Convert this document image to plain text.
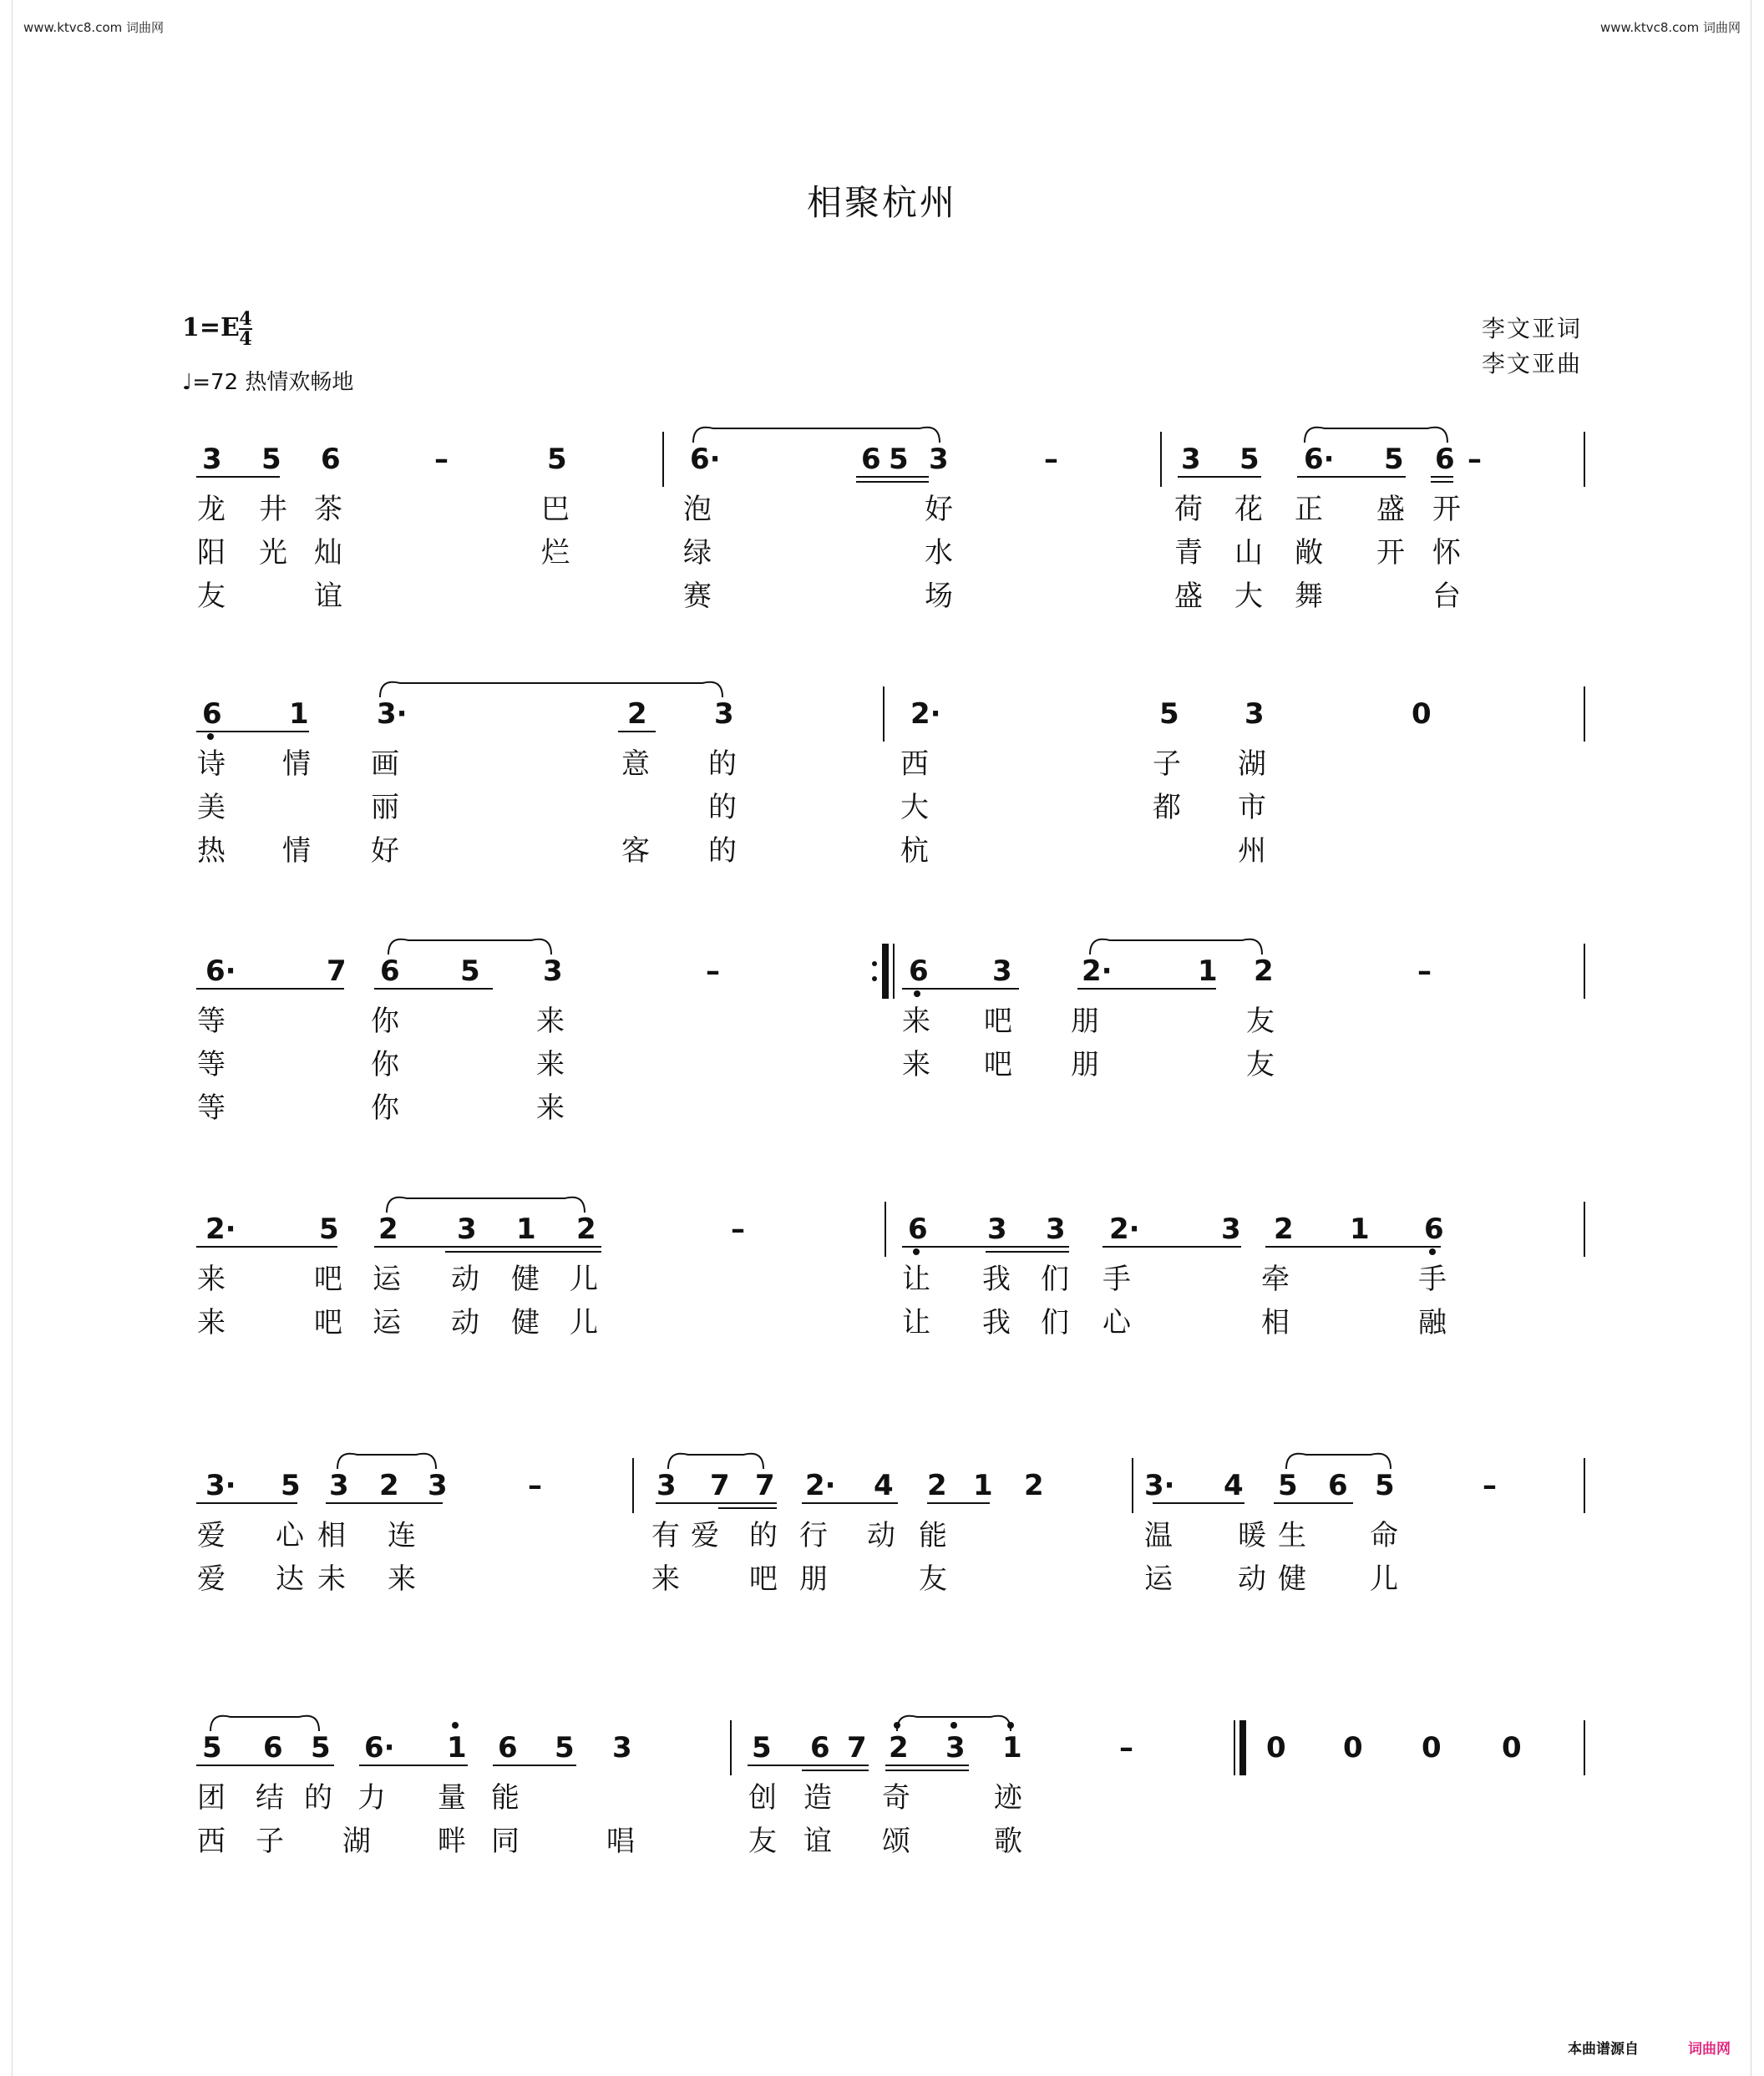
www.ktvc8.com 词曲网	www.ktvc8.com 词曲网
相聚杭州
1=E 4
4
♩=72 热情欢畅地
李文亚词
李文亚曲
本曲谱源自	词曲网
3 5 6	–	5	6·	6 5 3	–	3 5 6· 5 6 –
龙 井 茶	巴	泡	好	荷 花 正 盛 开
阳 光 灿	烂	绿	水	青 山 敞 开 怀
友	谊	赛	场	盛 大 舞	台
6 1 3·	2 3	2·	5 3	0
诗 情 画	意 的	西	子 湖
美	丽	的	大	都 市
热 情 好	客 的	杭	州
6·	7 6 5 3	–	6 3 2·	1 2	–
等	你	来	来 吧 朋	友
等	你	来	来 吧 朋	友
等	你	来
2·	5 2 3 1 2	–	6 3 3 2·	3 2 1 6
来	吧 运 动 健 儿	让 我 们 手	牵	手
来	吧 运 动 健 儿	让 我 们 心	相	融
3· 5 3 2 3	–	3 7 7 2· 4 2 1 2	3· 4 5 6 5	–
爱 心 相 连	有 爱 的 行 动 能	温 暖 生 命
爱 达 未 来	来 吧 朋	友	运 动 健 儿
5 6 5 6· 1 6 5 3	5 6 7 2 3 1	–	0 0 0 0
团 结 的 力 量 能	创 造 奇	迹
西 子 湖 畔 同	唱	友 谊 颂	歌
